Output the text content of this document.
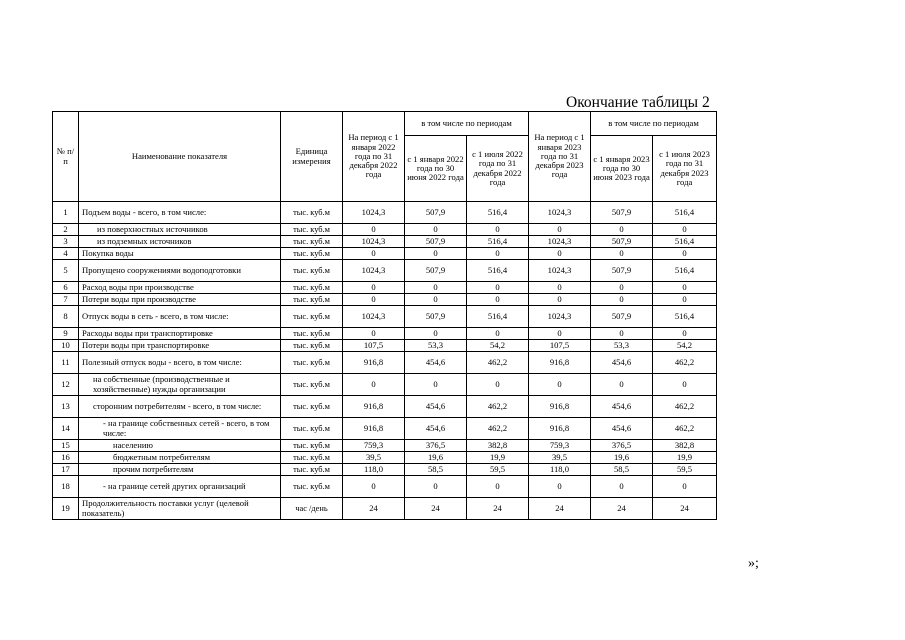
Окончание таблицы 2
№ п/п	Наименование показателя	Единица измерения	На период с 1 января 2022 года по 31 декабря 2022 года	в том числе по периодам		На период с 1 января 2023 года по 31 декабря 2023 года	в том числе по периодам	
				с 1 января 2022 года по 30 июня 2022 года	с 1 июля 2022 года по 31 декабря 2022 года		с 1 января 2023 года по 30 июня 2023 года	с 1 июля 2023 года по 31 декабря 2023 года
1	Подъем воды - всего, в том числе:	тыс. куб.м	1024,3	507,9	516,4	1024,3	507,9	516,4
2	из поверхностных источников	тыс. куб.м	0	0	0	0	0	0
3	из подземных источников	тыс. куб.м	1024,3	507,9	516,4	1024,3	507,9	516,4
4	Покупка воды	тыс. куб.м	0	0	0	0	0	0
5	Пропущено сооружениями водоподготовки	тыс. куб.м	1024,3	507,9	516,4	1024,3	507,9	516,4
6	Расход воды при производстве	тыс. куб.м	0	0	0	0	0	0
7	Потери воды при производстве	тыс. куб.м	0	0	0	0	0	0
8	Отпуск воды в сеть - всего, в том числе:	тыс. куб.м	1024,3	507,9	516,4	1024,3	507,9	516,4
9	Расходы воды при транспортировке	тыс. куб.м	0	0	0	0	0	0
10	Потери воды при транспортировке	тыс. куб.м	107,5	53,3	54,2	107,5	53,3	54,2
11	Полезный отпуск воды - всего, в том числе:	тыс. куб.м	916,8	454,6	462,2	916,8	454,6	462,2
12	на собственные (производственные и хозяйственные) нужды организации	тыс. куб.м	0	0	0	0	0	0
13	сторонним потребителям - всего, в том числе:	тыс. куб.м	916,8	454,6	462,2	916,8	454,6	462,2
14	- на границе собственных сетей - всего, в том числе:	тыс. куб.м	916,8	454,6	462,2	916,8	454,6	462,2
15	населению	тыс. куб.м	759,3	376,5	382,8	759,3	376,5	382,8
16	бюджетным потребителям	тыс. куб.м	39,5	19,6	19,9	39,5	19,6	19,9
17	прочим потребителям	тыс. куб.м	118,0	58,5	59,5	118,0	58,5	59,5
18	- на границе сетей других организаций	тыс. куб.м	0	0	0	0	0	0
19	Продолжительность поставки услуг (целевой показатель)	час /день	24	24	24	24	24	24
»;
